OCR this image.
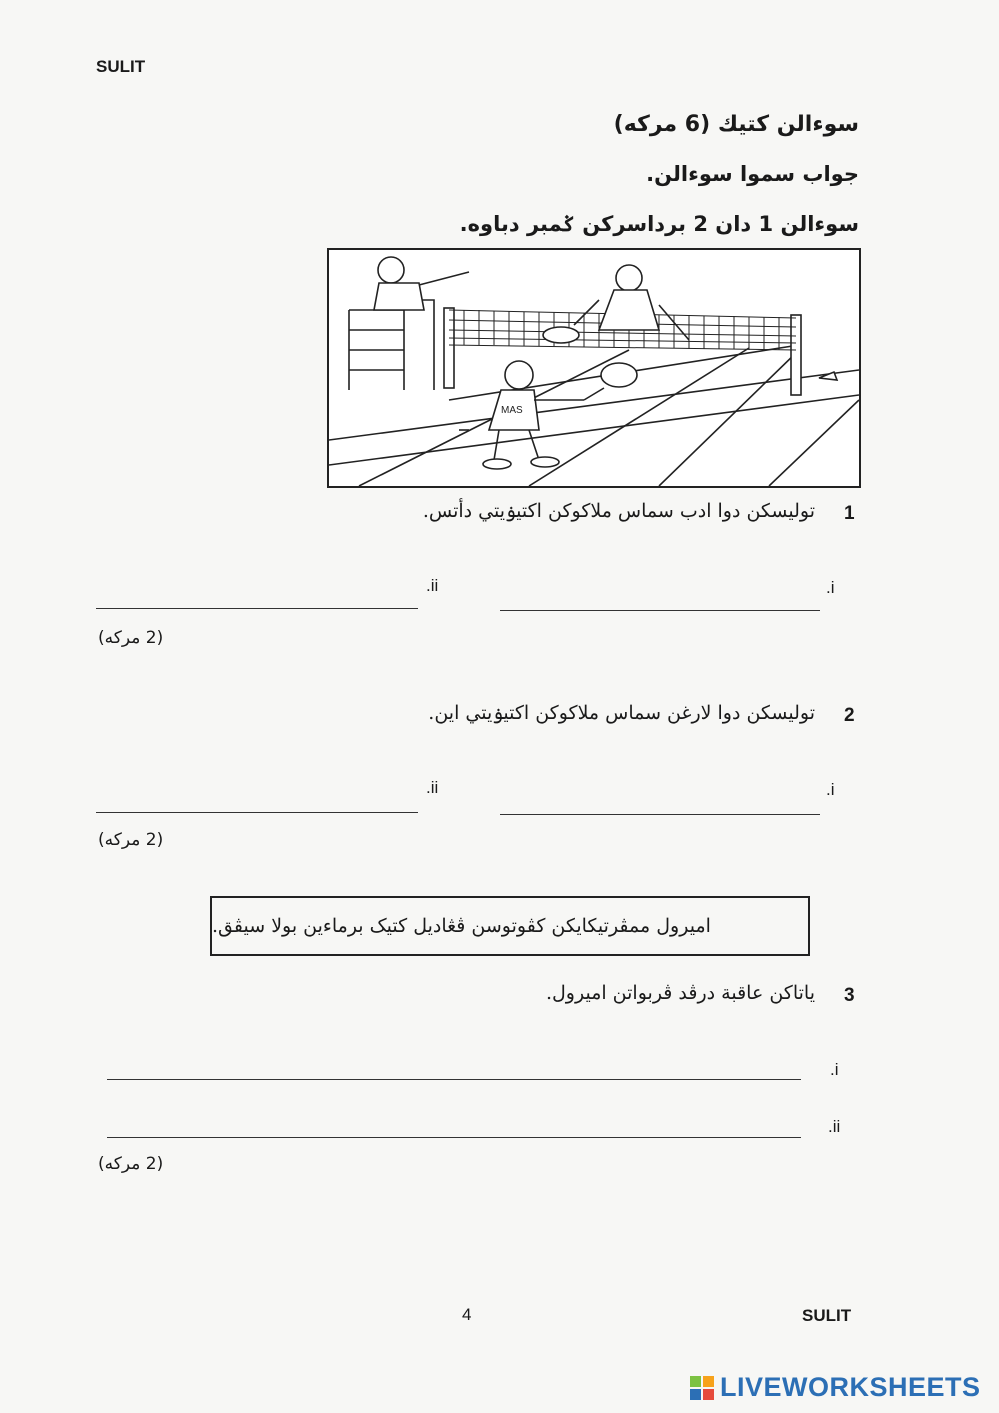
SULIT
سوءالن كتيك (6 مركه)
جواب سموا سوءالن.
سوءالن 1 دان 2 برداسركن ݢمبر دباوه.
MAS
1
توليسكن دوا ادب سماس ملاكوكن اكتيۏيتي دأتس.
.i
.ii
(2 مركه)
2
توليسكن دوا لارغن سماس ملاكوكن اكتيۏيتي اين.
.i
.ii
(2 مركه)
اميرول ممڤرتيكايكن كڤوتوسن ڤڠاديل كتيک برماءين بولا سيڤق.
3
ياتاكن عاقبة درڤد ڤربواتن اميرول.
.i
.ii
(2 مركه)
4	SULIT
LIVEWORKSHEETS
